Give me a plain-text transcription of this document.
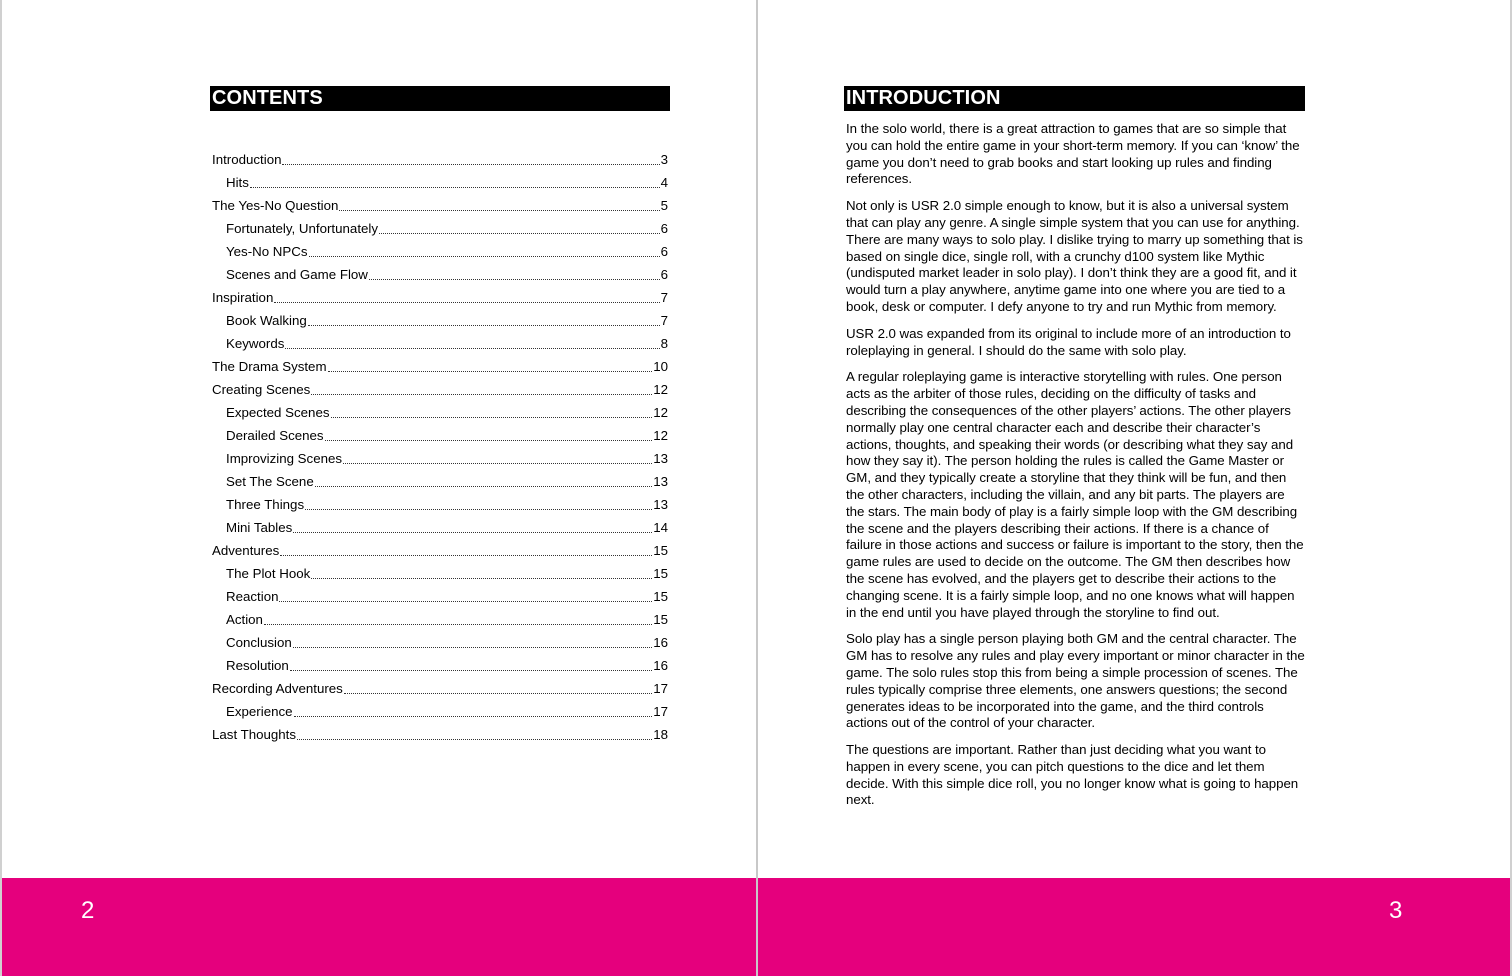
CONTENTS
Introduction	3
Hits	4
The Yes-No Question	5
Fortunately, Unfortunately	6
Yes-No NPCs	6
Scenes and Game Flow	6
Inspiration	7
Book Walking	7
Keywords	8
The Drama System	10
Creating Scenes	12
Expected Scenes	12
Derailed Scenes	12
Improvizing Scenes	13
Set The Scene	13
Three Things	13
Mini Tables	14
Adventures	15
The Plot Hook	15
Reaction	15
Action	15
Conclusion	16
Resolution	16
Recording Adventures	17
Experience	17
Last Thoughts	18
2
INTRODUCTION

In the solo world, there is a great attraction to games that are so simple that you can hold the entire game in your short-term memory. If you can ‘know’ the game you don’t need to grab books and start looking up rules and finding references.

Not only is USR 2.0 simple enough to know, but it is also a universal system that can play any genre. A single simple system that you can use for anything. There are many ways to solo play. I dislike trying to marry up something that is based on single dice, single roll, with a crunchy d100 system like Mythic (undisputed market leader in solo play). I don’t think they are a good fit, and it would turn a play anywhere, anytime game into one where you are tied to a book, desk or computer. I defy anyone to try and run Mythic from memory.

USR 2.0 was expanded from its original to include more of an introduction to roleplaying in general. I should do the same with solo play.

A regular roleplaying game is interactive storytelling with rules. One person acts as the arbiter of those rules, deciding on the difficulty of tasks and describing the consequences of the other players’ actions. The other players normally play one central character each and describe their character’s actions, thoughts, and speaking their words (or describing what they say and how they say it). The person holding the rules is called the Game Master or GM, and they typically create a storyline that they think will be fun, and then the other characters, including the villain, and any bit parts. The players are the stars. The main body of play is a fairly simple loop with the GM describing the scene and the players describing their actions. If there is a chance of failure in those actions and success or failure is important to the story, then the game rules are used to decide on the outcome. The GM then describes how the scene has evolved, and the players get to describe their actions to the changing scene. It is a fairly simple loop, and no one knows what will happen in the end until you have played through the storyline to find out.

Solo play has a single person playing both GM and the central character. The GM has to resolve any rules and play every important or minor character in the game. The solo rules stop this from being a simple procession of scenes. The rules typically comprise three elements, one answers questions; the second generates ideas to be incorporated into the game, and the third controls actions out of the control of your character.

The questions are important. Rather than just deciding what you want to happen in every scene, you can pitch questions to the dice and let them decide. With this simple dice roll, you no longer know what is going to happen next.

3
